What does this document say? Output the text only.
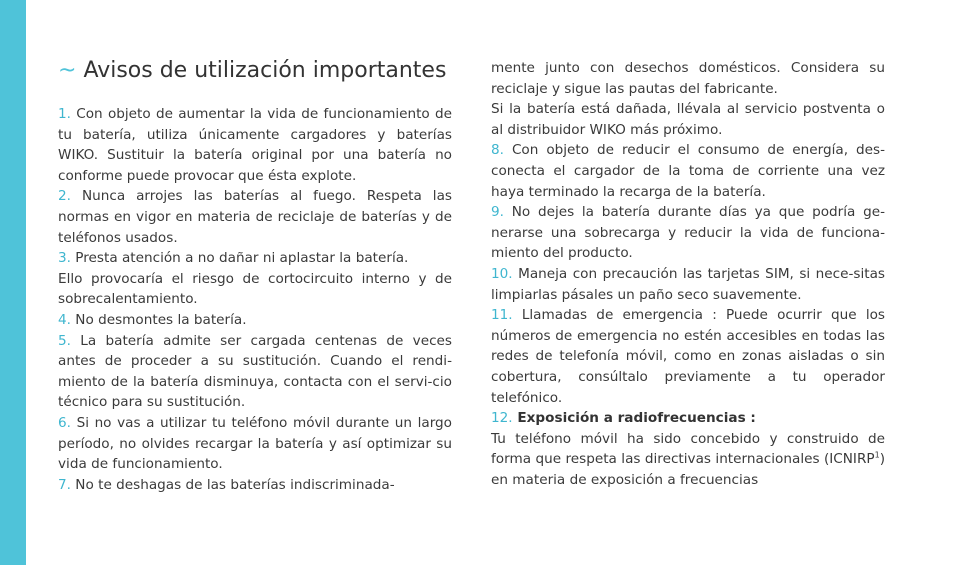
~ Avisos de utilización importantes

1. Con objeto de aumentar la vida de funcionamiento de tu batería, utiliza únicamente cargadores y baterías WIKO. Sustituir la batería original por una batería no conforme puede provocar que ésta explote.

2. Nunca arrojes las baterías al fuego. Respeta las normas en vigor en materia de reciclaje de baterías y de teléfonos usados.

3. Presta atención a no dañar ni aplastar la batería.
Ello provocaría el riesgo de cortocircuito interno y de sobrecalentamiento.

4. No desmontes la batería.

5. La batería admite ser cargada centenas de veces antes de proceder a su sustitución. Cuando el rendi-miento de la batería disminuya, contacta con el servi-cio técnico para su sustitución.

6. Si no vas a utilizar tu teléfono móvil durante un largo período, no olvides recargar la batería y así optimizar su vida de funcionamiento.

7. No te deshagas de las baterías indiscriminada-

mente junto con desechos domésticos. Considera su reciclaje y sigue las pautas del fabricante.

Si la batería está dañada, llévala al servicio postventa o al distribuidor WIKO más próximo.

8. Con objeto de reducir el consumo de energía, des-conecta el cargador de la toma de corriente una vez haya terminado la recarga de la batería.

9. No dejes la batería durante días ya que podría ge-nerarse una sobrecarga y reducir la vida de funciona-miento del producto.

10. Maneja con precaución las tarjetas SIM, si nece-sitas limpiarlas pásales un paño seco suavemente.

11. Llamadas de emergencia : Puede ocurrir que los números de emergencia no estén accesibles en todas las redes de telefonía móvil, como en zonas aisladas o sin cobertura, consúltalo previamente a tu operador telefónico.

12. Exposición a radiofrecuencias :

Tu teléfono móvil ha sido concebido y construido de forma que respeta las directivas internacionales (ICNIRP$^1$) en materia de exposición a frecuencias
